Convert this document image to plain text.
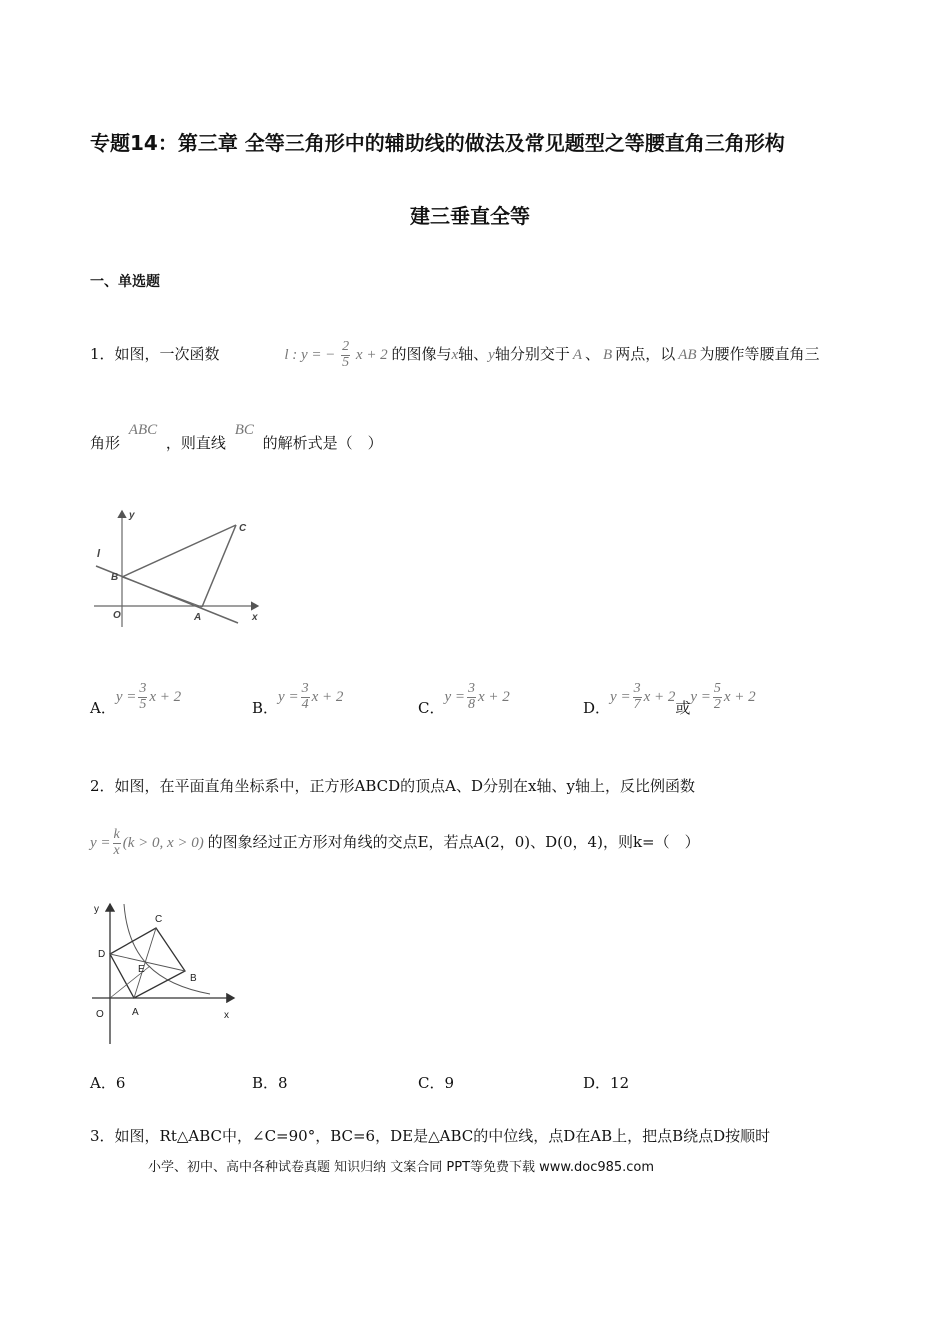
专题14：第三章 全等三角形中的辅助线的做法及常见题型之等腰直角三角形构
建三垂直全等
一、单选题
1．如图，一次函数	l : y = − $\frac{2}{5}$ x + 2 的图像与x轴、y轴分别交于 A 、 B 两点，以 AB 为腰作等腰直角三
角形 ABC ，则直线 BC 的解析式是（　）
y
l
C
B
O	A	x
A．$y = \frac{3}{5}$ x + 2
B．$y = \frac{3}{4}$ x + 2
C．$y = \frac{3}{8}$ x + 2
D．$y = \frac{3}{7}$ x + 2或$y = \frac{5}{2}$ x + 2
2．如图，在平面直角坐标系中，正方形ABCD的顶点A、D分别在x轴、y轴上，反比例函数
$y = \frac{k}{x} (k > 0$, x > 0) 的图象经过正方形对角线的交点E，若点A(2，0)、D(0，4)，则k=（　）
y
C
D
E
B
O	A	x
A．6	B．8	C．9	D．12
3．如图，Rt△ABC中，∠C=90°，BC=6，DE是△ABC的中位线，点D在AB上，把点B绕点D按顺时
小学、初中、高中各种试卷真题 知识归纳 文案合同 PPT等免费下载 www.doc985.com
